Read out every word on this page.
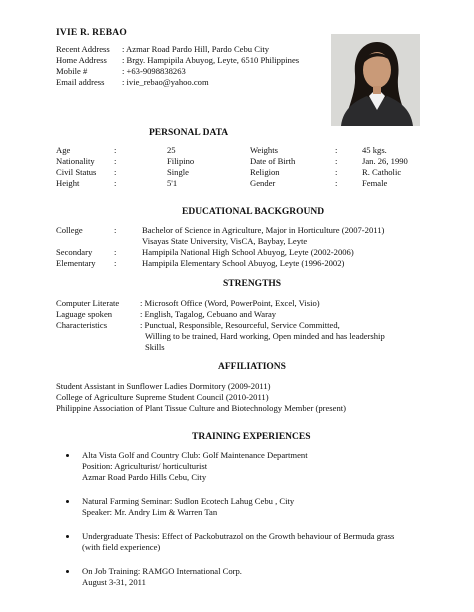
IVIE R. REBAO
Recent Address	: Azmar Road Pardo Hill, Pardo Cebu City
Home Address	: Brgy. Hampipila Abuyog, Leyte, 6510 Philippines
Mobile #	: +63-9098838263
Email address	: ivie_rebao@yahoo.com
PERSONAL DATA
Age	:	25	Weights	:	45 kgs.
Nationality :	Filipino	Date of Birth	:	Jan. 26, 1990
Civil Status :	Single	Religion	:	R. Catholic
Height	:	5'1	Gender	:	Female
EDUCATIONAL BACKGROUND
College	:	Bachelor of Science in Agriculture, Major in Horticulture (2007-2011)
Visayas State University, VisCA, Baybay, Leyte
Secondary	:	Hampipila National High School Abuyog, Leyte (2002-2006)
Elementary :	Hampipila Elementary School Abuyog, Leyte (1996-2002)
STRENGTHS
Computer Literate : Microsoft Office (Word, PowerPoint, Excel, Visio)
Laguage spoken	: English, Tagalog, Cebuano and Waray
Characteristics	: Punctual, Responsible, Resourceful, Service Committed,
Willing to be trained, Hard working, Open minded and has leadership
Skills
AFFILIATIONS
Student Assistant in Sunflower Ladies Dormitory (2009-2011)
College of Agriculture Supreme Student Council (2010-2011)
Philippine Association of Plant Tissue Culture and Biotechnology Member (present)
TRAINING EXPERIENCES
Alta Vista Golf and Country Club: Golf Maintenance Department
Position: Agriculturist/ horticulturist
Azmar Road Pardo Hills Cebu, City
Natural Farming Seminar: Sudlon Ecotech Lahug Cebu , City
Speaker: Mr. Andry Lim & Warren Tan
Undergraduate Thesis: Effect of Packobutrazol on the Growth behaviour of Bermuda grass
(with field experience)
On Job Training: RAMGO International Corp.
August 3-31, 2011
